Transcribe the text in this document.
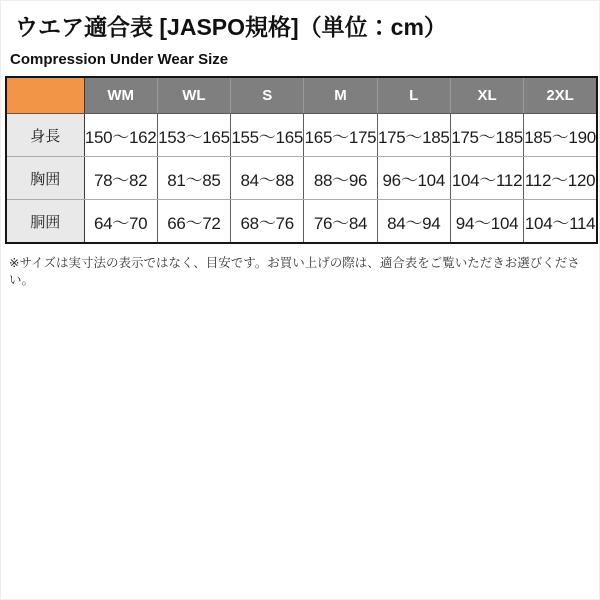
ウエア適合表 [JASPO規格]（単位：cm）
Compression Under Wear Size
	WM	WL	S	M	L	XL	2XL
身長	150〜162	153〜165	155〜165	165〜175	175〜185	175〜185	185〜190
胸囲	78〜82	81〜85	84〜88	88〜96	96〜104	104〜112	112〜120
胴囲	64〜70	66〜72	68〜76	76〜84	84〜94	94〜104	104〜114

※サイズは実寸法の表示ではなく、目安です。お買い上げの際は、適合表をご覧いただきお選びください。
